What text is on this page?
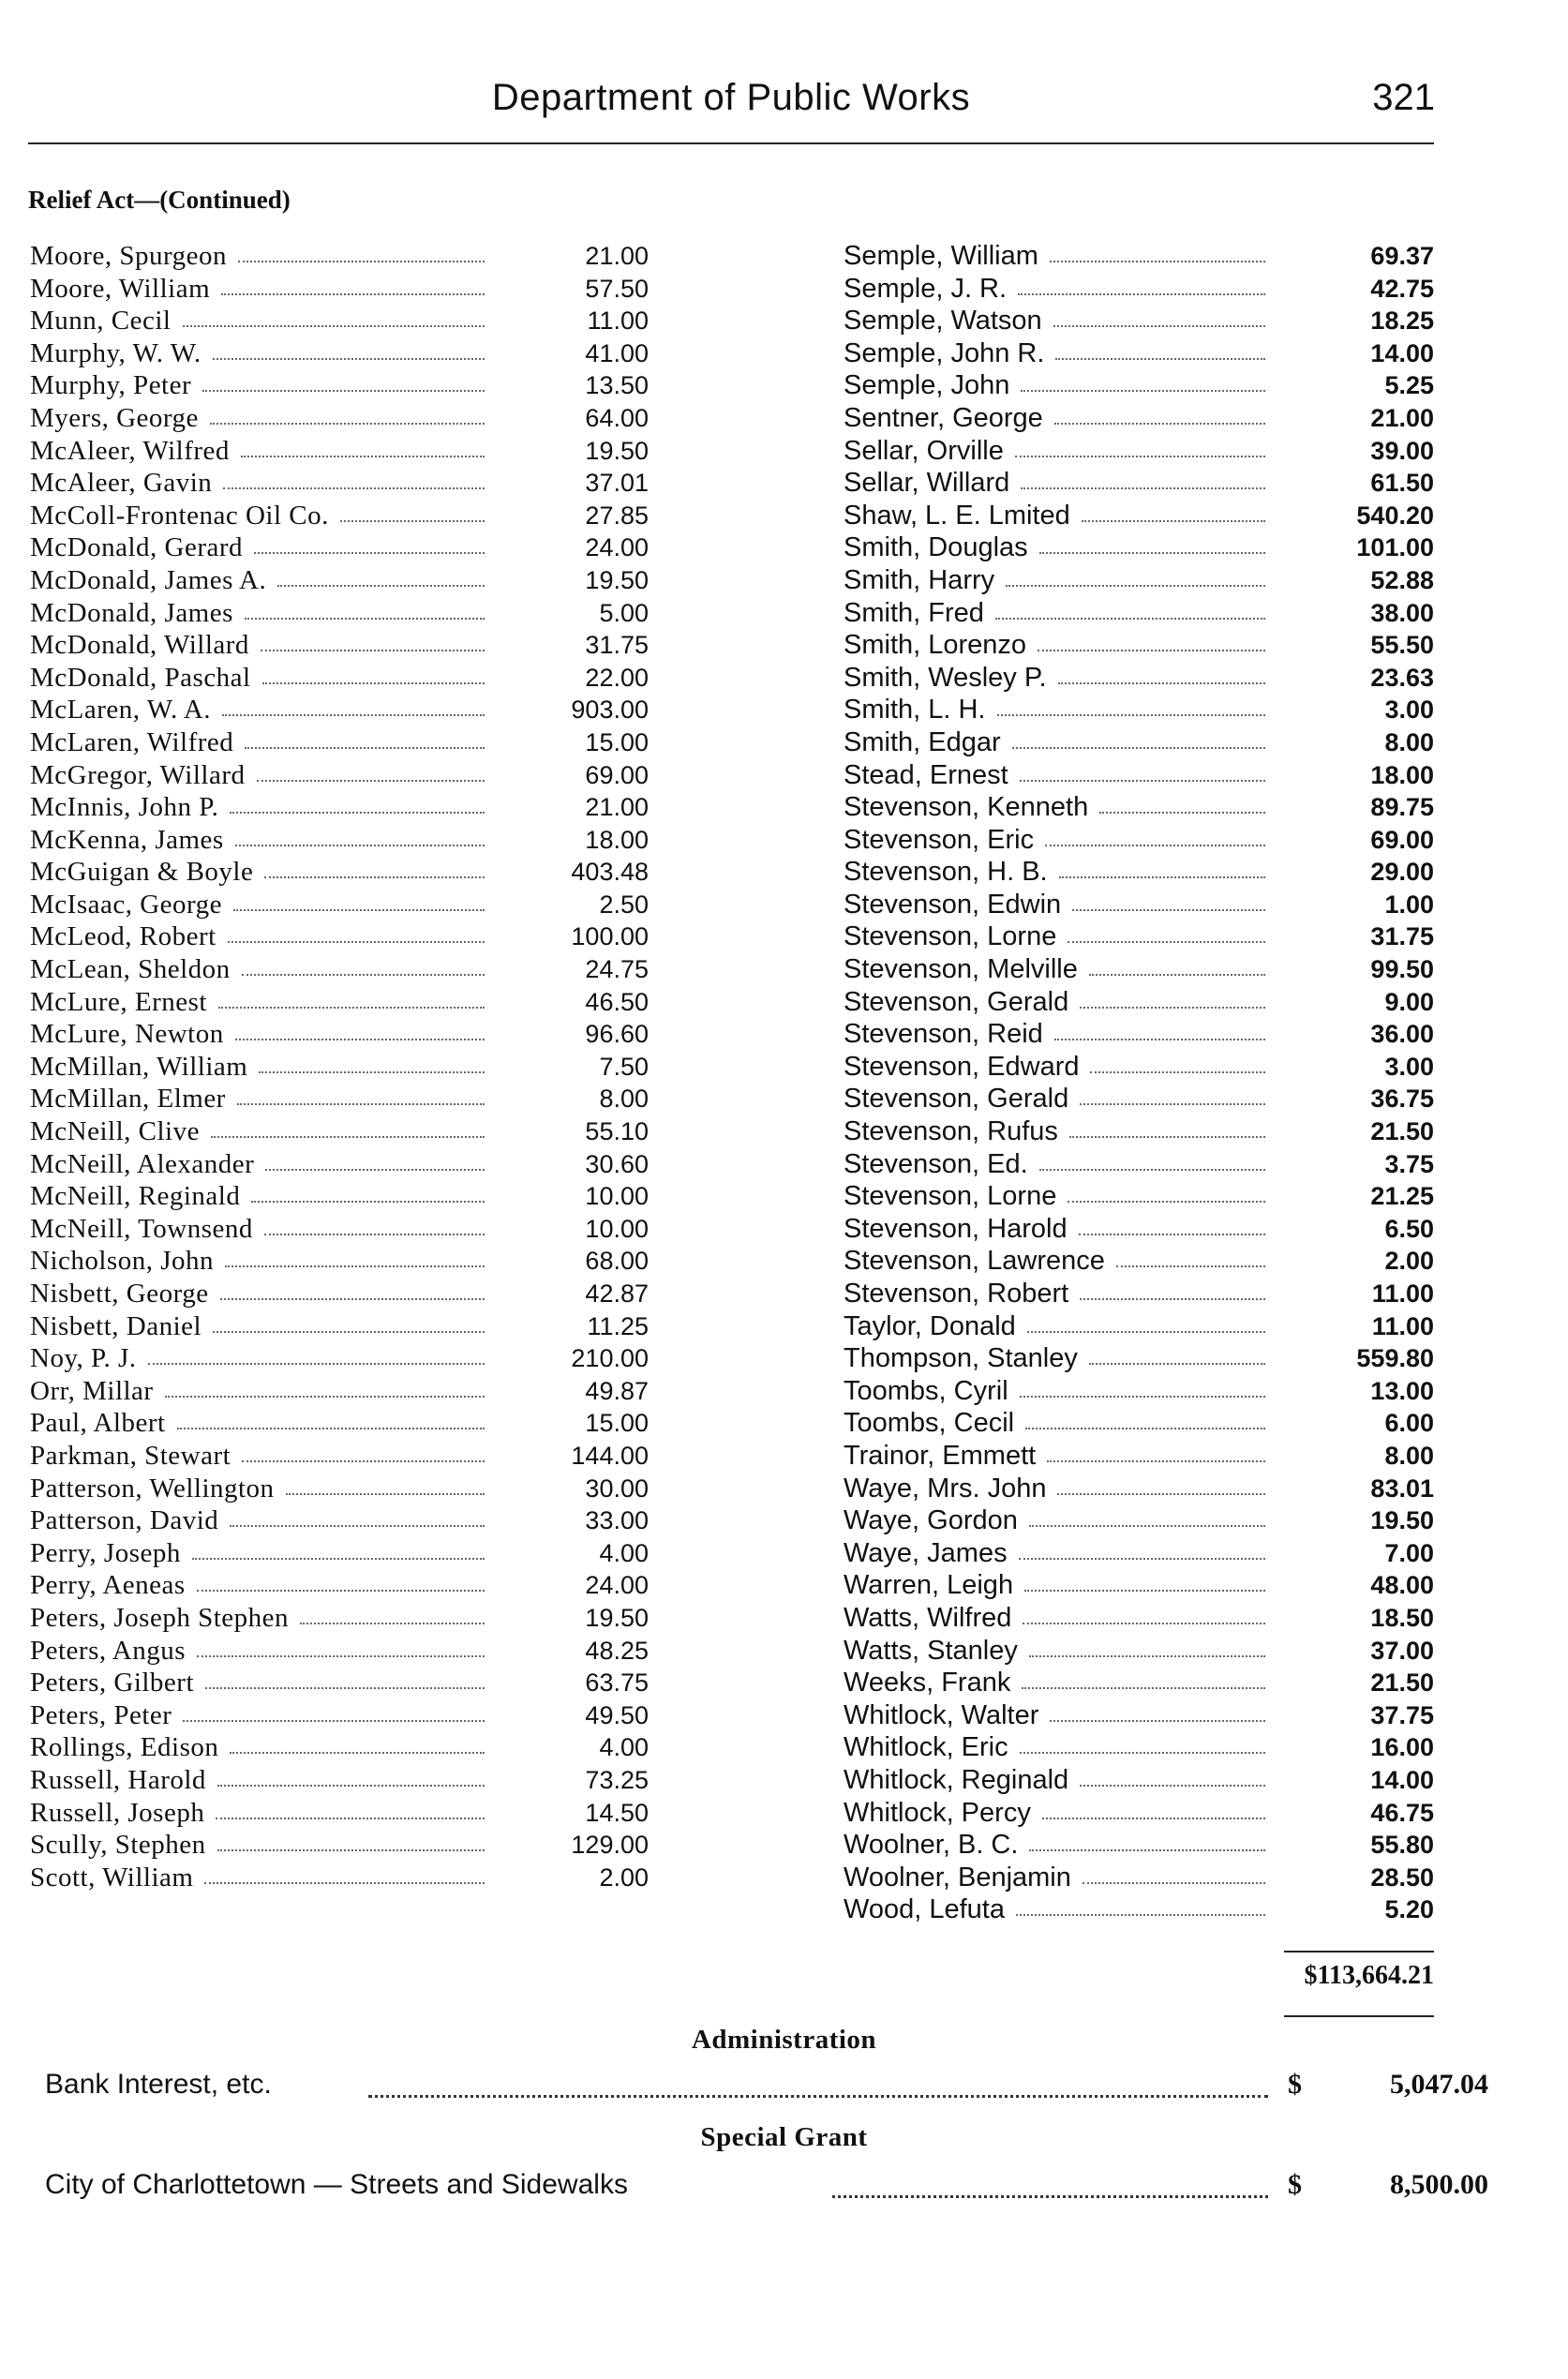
Department of Public Works	321
Relief Act—(Continued)
Moore, Spurgeon	21.00
Moore, William	57.50
Munn, Cecil	11.00
Murphy, W. W.	41.00
Murphy, Peter	13.50
Myers, George	64.00
McAleer, Wilfred	19.50
McAleer, Gavin	37.01
McColl-Frontenac Oil Co.	27.85
McDonald, Gerard	24.00
McDonald, James A.	19.50
McDonald, James	5.00
McDonald, Willard	31.75
McDonald, Paschal	22.00
McLaren, W. A.	903.00
McLaren, Wilfred	15.00
McGregor, Willard	69.00
McInnis, John P.	21.00
McKenna, James	18.00
McGuigan & Boyle	403.48
McIsaac, George	2.50
McLeod, Robert	100.00
McLean, Sheldon	24.75
McLure, Ernest	46.50
McLure, Newton	96.60
McMillan, William	7.50
McMillan, Elmer	8.00
McNeill, Clive	55.10
McNeill, Alexander	30.60
McNeill, Reginald	10.00
McNeill, Townsend	10.00
Nicholson, John	68.00
Nisbett, George	42.87
Nisbett, Daniel	11.25
Noy, P. J.	210.00
Orr, Millar	49.87
Paul, Albert	15.00
Parkman, Stewart	144.00
Patterson, Wellington	30.00
Patterson, David	33.00
Perry, Joseph	4.00
Perry, Aeneas	24.00
Peters, Joseph Stephen	19.50
Peters, Angus	48.25
Peters, Gilbert	63.75
Peters, Peter	49.50
Rollings, Edison	4.00
Russell, Harold	73.25
Russell, Joseph	14.50
Scully, Stephen	129.00
Scott, William	2.00
Semple, William	69.37
Semple, J. R.	42.75
Semple, Watson	18.25
Semple, John R.	14.00
Semple, John	5.25
Sentner, George	21.00
Sellar, Orville	39.00
Sellar, Willard	61.50
Shaw, L. E. Lmited	540.20
Smith, Douglas	101.00
Smith, Harry	52.88
Smith, Fred	38.00
Smith, Lorenzo	55.50
Smith, Wesley P.	23.63
Smith, L. H.	3.00
Smith, Edgar	8.00
Stead, Ernest	18.00
Stevenson, Kenneth	89.75
Stevenson, Eric	69.00
Stevenson, H. B.	29.00
Stevenson, Edwin	1.00
Stevenson, Lorne	31.75
Stevenson, Melville	99.50
Stevenson, Gerald	9.00
Stevenson, Reid	36.00
Stevenson, Edward	3.00
Stevenson, Gerald	36.75
Stevenson, Rufus	21.50
Stevenson, Ed.	3.75
Stevenson, Lorne	21.25
Stevenson, Harold	6.50
Stevenson, Lawrence	2.00
Stevenson, Robert	11.00
Taylor, Donald	11.00
Thompson, Stanley	559.80
Toombs, Cyril	13.00
Toombs, Cecil	6.00
Trainor, Emmett	8.00
Waye, Mrs. John	83.01
Waye, Gordon	19.50
Waye, James	7.00
Warren, Leigh	48.00
Watts, Wilfred	18.50
Watts, Stanley	37.00
Weeks, Frank	21.50
Whitlock, Walter	37.75
Whitlock, Eric	16.00
Whitlock, Reginald	14.00
Whitlock, Percy	46.75
Woolner, B. C.	55.80
Woolner, Benjamin	28.50
Wood, Lefuta	5.20
$113,664.21
Administration
Bank Interest, etc.	$	5,047.04
Special Grant
City of Charlottetown — Streets and Sidewalks	$	8,500.00
